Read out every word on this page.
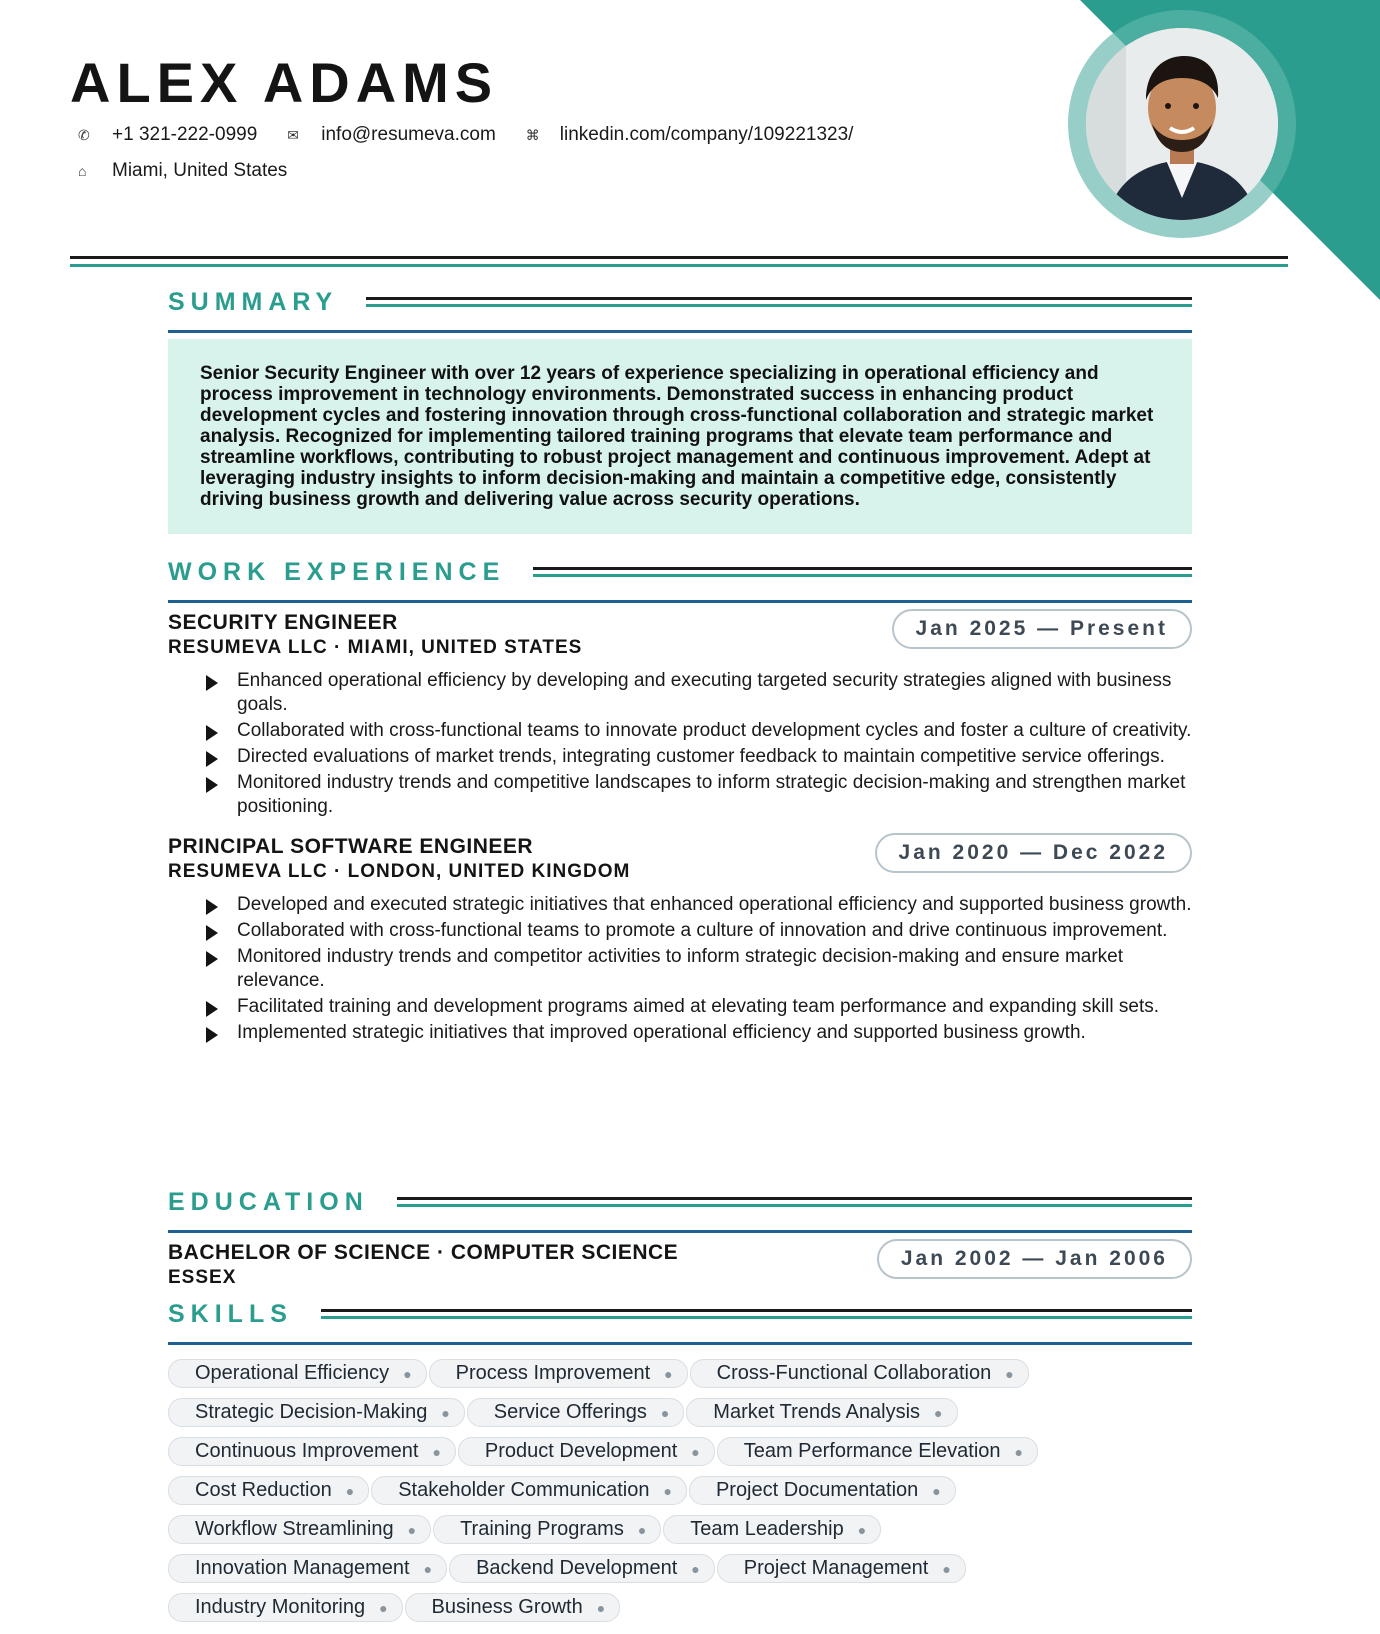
ALEX ADAMS
✆	+1 321-222-0999 ✉	info@resumeva.com ⌘	linkedin.com/company/109221323/
⌂	Miami, United States
SUMMARY
Senior Security Engineer with over 12 years of experience specializing in operational efficiency and process improvement in technology environments. Demonstrated success in enhancing product development cycles and fostering innovation through cross-functional collaboration and strategic market analysis. Recognized for implementing tailored training programs that elevate team performance and streamline workflows, contributing to robust project management and continuous improvement. Adept at leveraging industry insights to inform decision-making and maintain a competitive edge, consistently driving business growth and delivering value across security operations.
WORK EXPERIENCE
SECURITY ENGINEER
RESUMEVA LLC · MIAMI, UNITED STATES
Jan 2025 — Present
Enhanced operational efficiency by developing and executing targeted security strategies aligned with business goals.
Collaborated with cross-functional teams to innovate product development cycles and foster a culture of creativity.
Directed evaluations of market trends, integrating customer feedback to maintain competitive service offerings.
Monitored industry trends and competitive landscapes to inform strategic decision-making and strengthen market positioning.
PRINCIPAL SOFTWARE ENGINEER
RESUMEVA LLC · LONDON, UNITED KINGDOM
Jan 2020 — Dec 2022
Developed and executed strategic initiatives that enhanced operational efficiency and supported business growth.
Collaborated with cross-functional teams to promote a culture of innovation and drive continuous improvement.
Monitored industry trends and competitor activities to inform strategic decision-making and ensure market relevance.
Facilitated training and development programs aimed at elevating team performance and expanding skill sets.
Implemented strategic initiatives that improved operational efficiency and supported business growth.
EDUCATION
BACHELOR OF SCIENCE · COMPUTER SCIENCE
ESSEX
Jan 2002 — Jan 2006
SKILLS
Operational Efficiency ● Process Improvement ● Cross-Functional Collaboration ●
Strategic Decision-Making ● Service Offerings ● Market Trends Analysis ●
Continuous Improvement ● Product Development ● Team Performance Elevation ●
Cost Reduction ● Stakeholder Communication ● Project Documentation ●
Workflow Streamlining ● Training Programs ● Team Leadership ●
Innovation Management ● Backend Development ● Project Management ●
Industry Monitoring ● Business Growth ●
